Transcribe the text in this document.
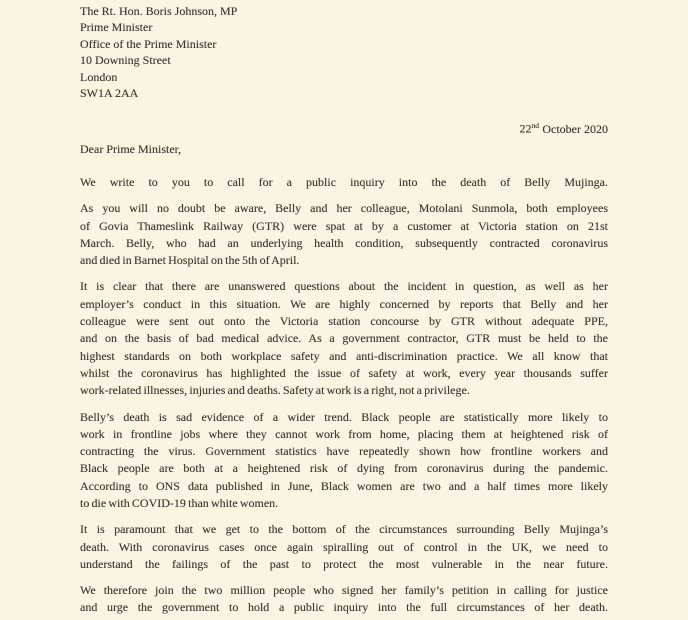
The Rt. Hon. Boris Johnson, MP
Prime Minister
Office of the Prime Minister
10 Downing Street
London
SW1A 2AA
22nd October 2020
Dear Prime Minister,
We write to you to call for a public inquiry into the death of Belly Mujinga.
As you will no doubt be aware, Belly and her colleague, Motolani Sunmola, both employees
of Govia Thameslink Railway (GTR) were spat at by a customer at Victoria station on 21st
March. Belly, who had an underlying health condition, subsequently contracted coronavirus
and died in Barnet Hospital on the 5th of April.
It is clear that there are unanswered questions about the incident in question, as well as her
employer’s conduct in this situation. We are highly concerned by reports that Belly and her
colleague were sent out onto the Victoria station concourse by GTR without adequate PPE,
and on the basis of bad medical advice. As a government contractor, GTR must be held to the
highest standards on both workplace safety and anti-discrimination practice. We all know that
whilst the coronavirus has highlighted the issue of safety at work, every year thousands suffer
work-related illnesses, injuries and deaths. Safety at work is a right, not a privilege.
Belly’s death is sad evidence of a wider trend. Black people are statistically more likely to
work in frontline jobs where they cannot work from home, placing them at heightened risk of
contracting the virus. Government statistics have repeatedly shown how frontline workers and
Black people are both at a heightened risk of dying from coronavirus during the pandemic.
According to ONS data published in June, Black women are two and a half times more likely
to die with COVID-19 than white women.
It is paramount that we get to the bottom of the circumstances surrounding Belly Mujinga’s
death. With coronavirus cases once again spiralling out of control in the UK, we need to
understand the failings of the past to protect the most vulnerable in the near future.
We therefore join the two million people who signed her family’s petition in calling for justice
and urge the government to hold a public inquiry into the full circumstances of her death.
